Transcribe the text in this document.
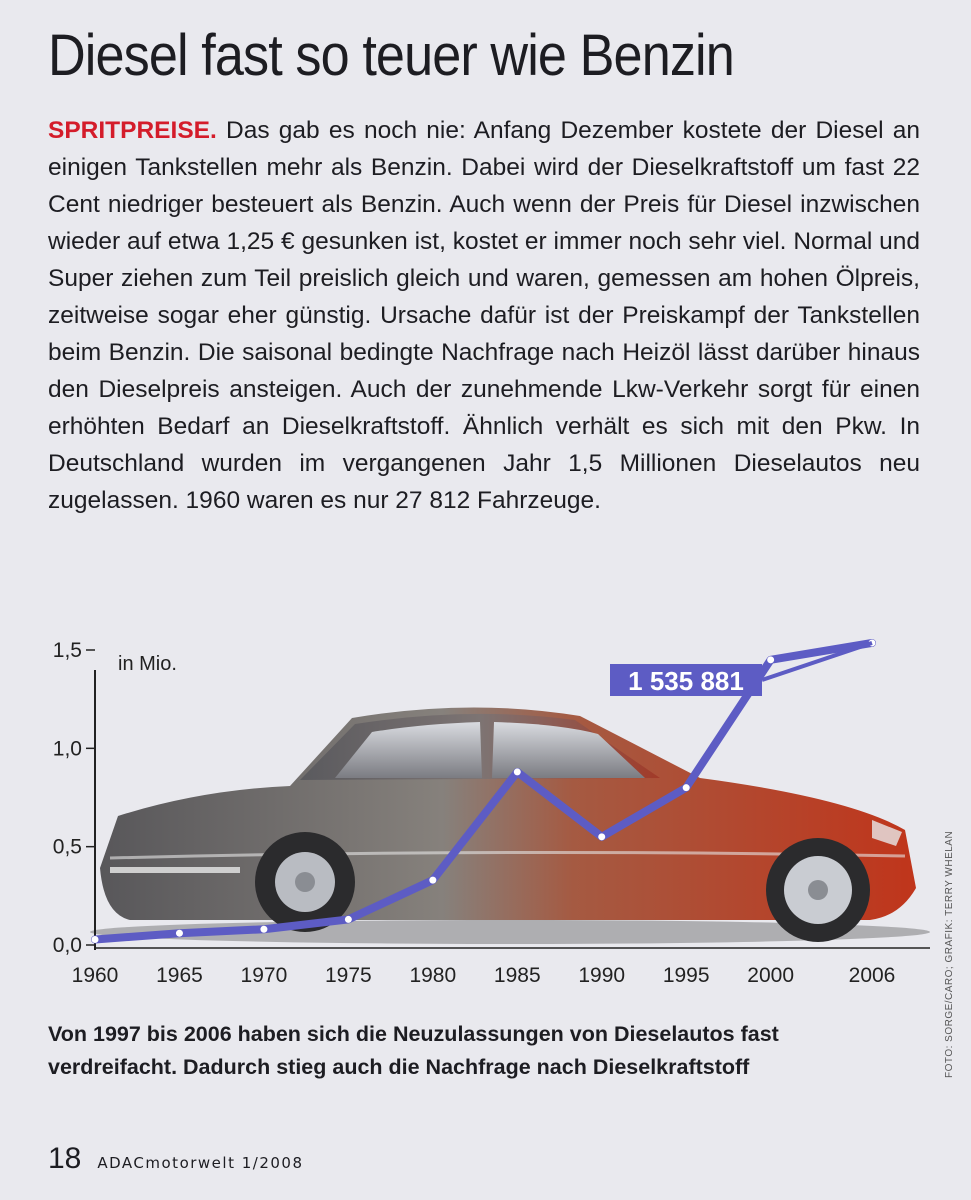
Diesel fast so teuer wie Benzin

SPRITPREISE. Das gab es noch nie: Anfang Dezember kostete der Diesel an einigen Tankstellen mehr als Benzin. Dabei wird der Dieselkraftstoff um fast 22 Cent niedriger besteuert als Benzin. Auch wenn der Preis für Diesel inzwischen wieder auf etwa 1,25 € gesunken ist, kostet er immer noch sehr viel. Normal und Super ziehen zum Teil preislich gleich und waren, gemessen am hohen Ölpreis, zeitweise sogar eher günstig. Ursache dafür ist der Preiskampf der Tankstellen beim Benzin. Die saisonal bedingte Nachfrage nach Heizöl lässt darüber hinaus den Dieselpreis ansteigen. Auch der zunehmende Lkw-Verkehr sorgt für einen erhöhten Bedarf an Dieselkraftstoff. Ähnlich verhält es sich mit den Pkw. In Deutschland wurden im vergangenen Jahr 1,5 Millionen Dieselautos neu zugelassen. 1960 waren es nur 27 812 Fahrzeuge.

0,0
0,5
1,0
1,5
1960 1965 1970 1975 1980 1985 1990 1995 2000	2006
in Mio.
1 535 881

Von 1997 bis 2006 haben sich die Neuzulassungen von Dieselautos fast verdreifacht. Dadurch stieg auch die Nachfrage nach Dieselkraftstoff

18 ADACmotorwelt 1/2008
FOTO: SORGE/CARO; GRAFIK: TERRY WHELAN
